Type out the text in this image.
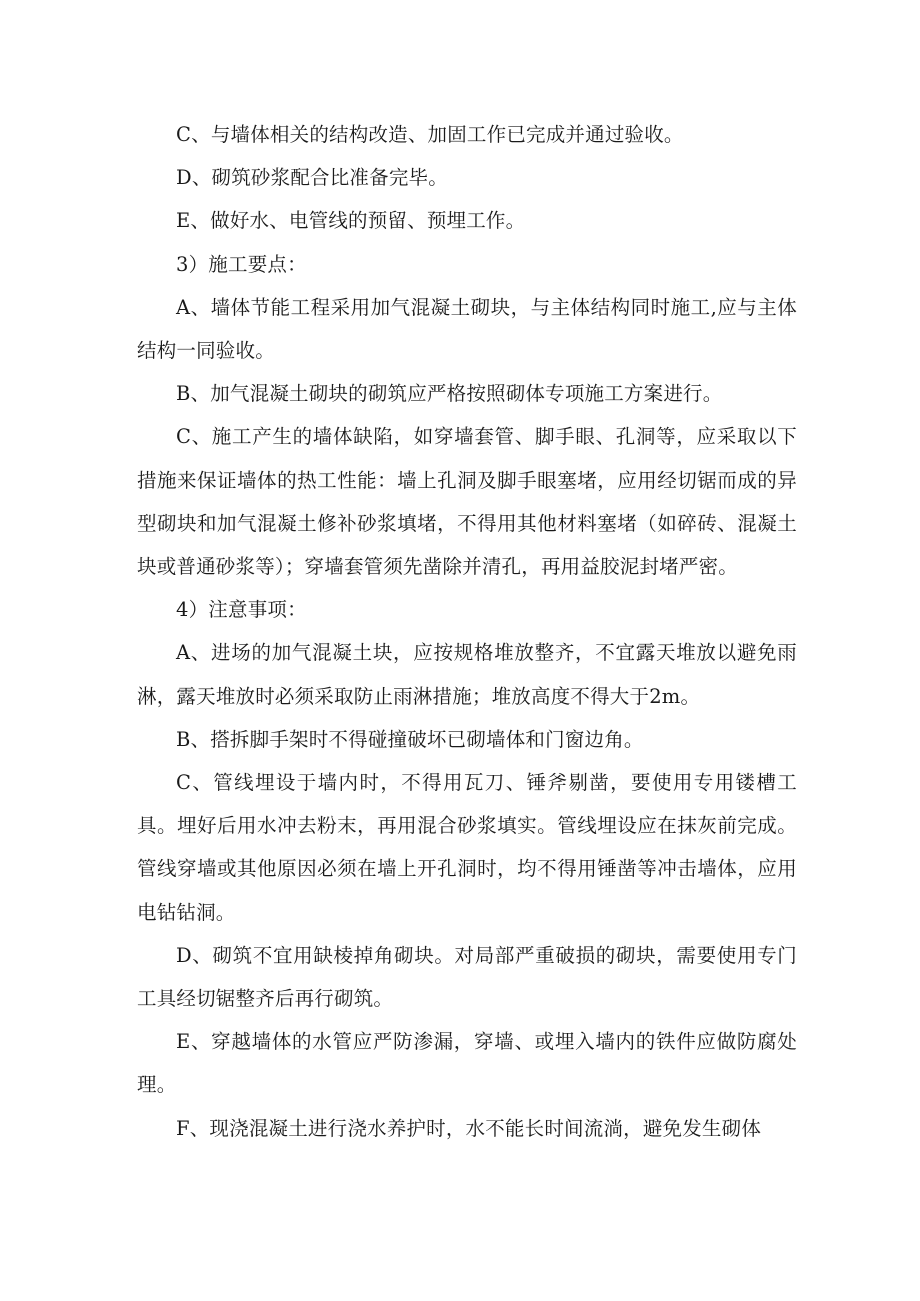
C、与墙体相关的结构改造、加固工作已完成并通过验收。

D、砌筑砂浆配合比准备完毕。

E、做好水、电管线的预留、预埋工作。

3）施工要点：

A、墙体节能工程采用加气混凝土砌块，与主体结构同时施工,应与主体结构一同验收。

B、加气混凝土砌块的砌筑应严格按照砌体专项施工方案进行。

C、施工产生的墙体缺陷，如穿墙套管、脚手眼、孔洞等，应采取以下措施来保证墙体的热工性能：墙上孔洞及脚手眼塞堵，应用经切锯而成的异型砌块和加气混凝土修补砂浆填堵，不得用其他材料塞堵（如碎砖、混凝土块或普通砂浆等）；穿墙套管须先凿除并清孔，再用益胶泥封堵严密。

4）注意事项：

A、进场的加气混凝土块，应按规格堆放整齐，不宜露天堆放以避免雨淋，露天堆放时必须采取防止雨淋措施；堆放高度不得大于2m。

B、搭拆脚手架时不得碰撞破坏已砌墙体和门窗边角。

C、管线埋设于墙内时，不得用瓦刀、锤斧剔凿，要使用专用镂槽工具。埋好后用水冲去粉末，再用混合砂浆填实。管线埋设应在抹灰前完成。管线穿墙或其他原因必须在墙上开孔洞时，均不得用锤凿等冲击墙体，应用电钻钻洞。

D、砌筑不宜用缺棱掉角砌块。对局部严重破损的砌块，需要使用专门工具经切锯整齐后再行砌筑。

E、穿越墙体的水管应严防渗漏，穿墙、或埋入墙内的铁件应做防腐处理。

F、现浇混凝土进行浇水养护时，水不能长时间流淌，避免发生砌体
